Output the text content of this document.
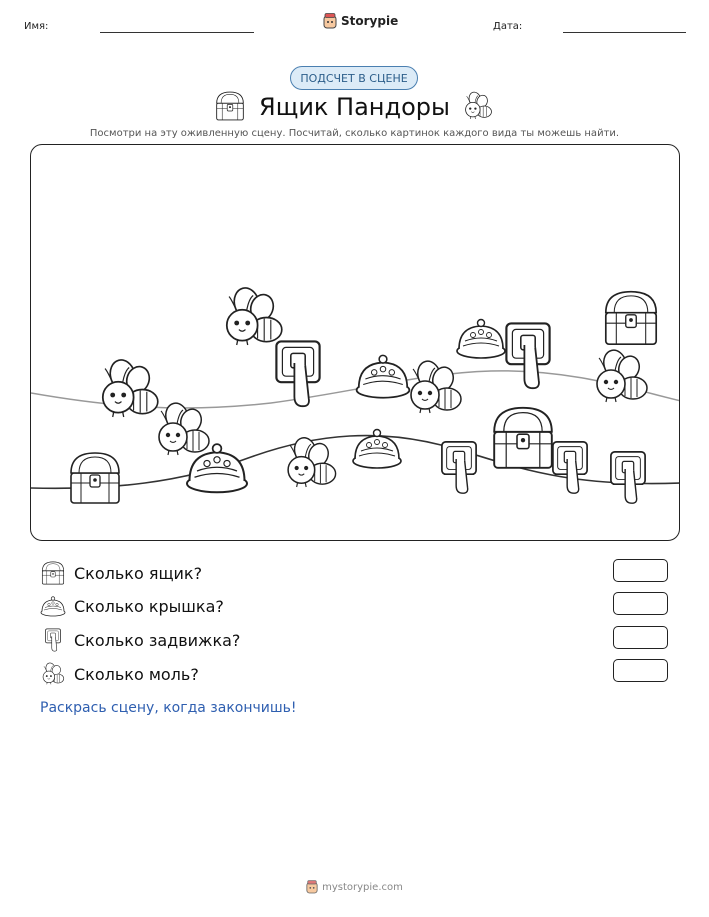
Имя:	Storypie	Дата:
ПОДСЧЕТ В СЦЕНЕ
Ящик Пандоры
Посмотри на эту оживленную сцену. Посчитай, сколько картинок каждого вида ты можешь найти.
Сколько ящик?
Сколько крышка?
Сколько задвижка?
Сколько моль?
Раскрась сцену, когда закончишь!
mystorypie.com
